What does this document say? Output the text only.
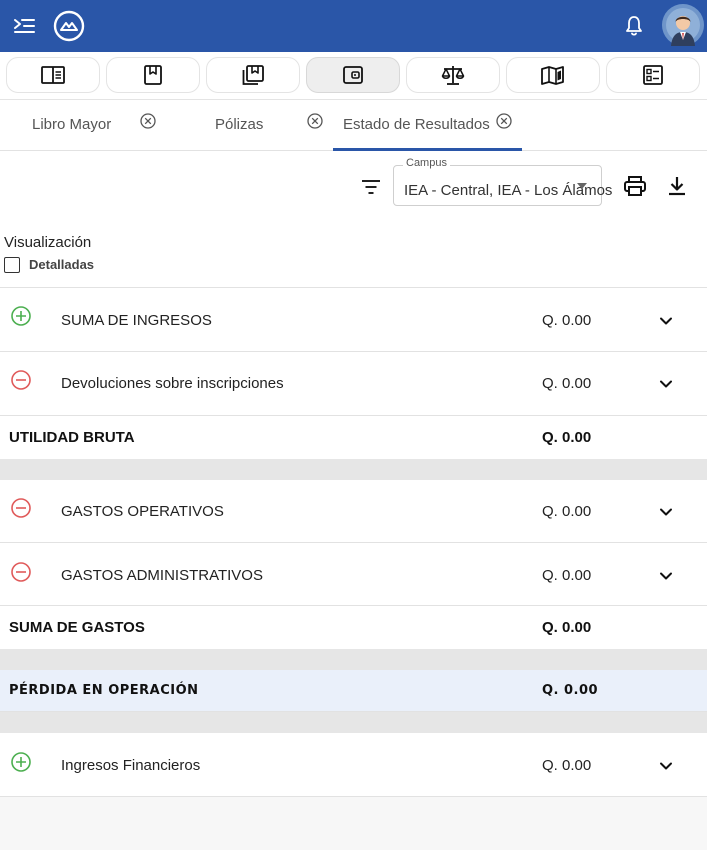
Libro Mayor	Pólizas	Estado de Resultados
Campus
IEA - Central, IEA - Los Álamos
Visualización
Detalladas
SUMA DE INGRESOS	Q. 0.00
Devoluciones sobre inscripciones	Q. 0.00
UTILIDAD BRUTA	Q. 0.00
GASTOS OPERATIVOS	Q. 0.00
GASTOS ADMINISTRATIVOS	Q. 0.00
SUMA DE GASTOS	Q. 0.00
PÉRDIDA EN OPERACIÓN	Q. 0.00
Ingresos Financieros	Q. 0.00
